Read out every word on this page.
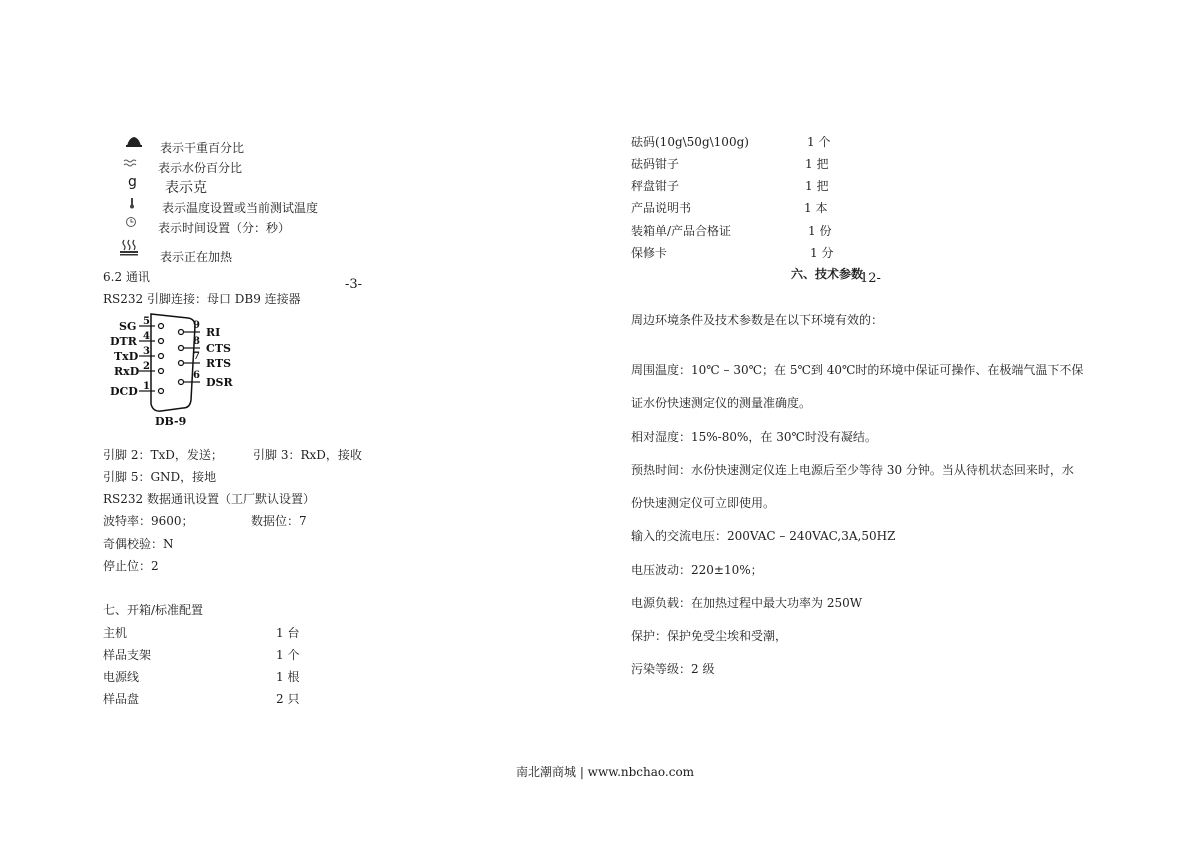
表示干重百分比
表示水份百分比
g 表示克
表示温度设置或当前测试温度
表示时间设置（分：秒）
表示正在加热
-3-
6.2 通讯
RS232 引脚连接：母口 DB9 连接器
SG 5
DTR 4
TxD 3
RxD 2
DCD 1
9
RI
8
CTS
7
RTS
6
DSR
DB-9
引脚 2：TxD，发送；	引脚 3：RxD，接收
引脚 5：GND，接地
RS232 数据通讯设置（工厂默认设置）
波特率：9600；	数据位：7
奇偶校验：N
停止位：2
七、开箱/标准配置
主机	1 台
样品支架	1 个
电源线	1 根
样品盘	2 只
砝码(10g\50g\100g)	1 个
砝码钳子	1 把
秤盘钳子	1 把
产品说明书	1 本
装箱单/产品合格证	1 份
保修卡	1 分
六、技术参数
12-
周边环境条件及技术参数是在以下环境有效的：
周围温度：10℃ – 30℃；在 5℃到 40℃时的环境中保证可操作、在极端气温下不保
证水份快速测定仪的测量准确度。
相对湿度：15%-80%，在 30℃时没有凝结。
预热时间：水份快速测定仪连上电源后至少等待 30 分钟。当从待机状态回来时，水
份快速测定仪可立即使用。
输入的交流电压：200VAC – 240VAC,3A,50HZ
电压波动：220±10%；
电源负载：在加热过程中最大功率为 250W
保护：保护免受尘埃和受潮，
污染等级：2 级
南北潮商城 | www.nbchao.com
